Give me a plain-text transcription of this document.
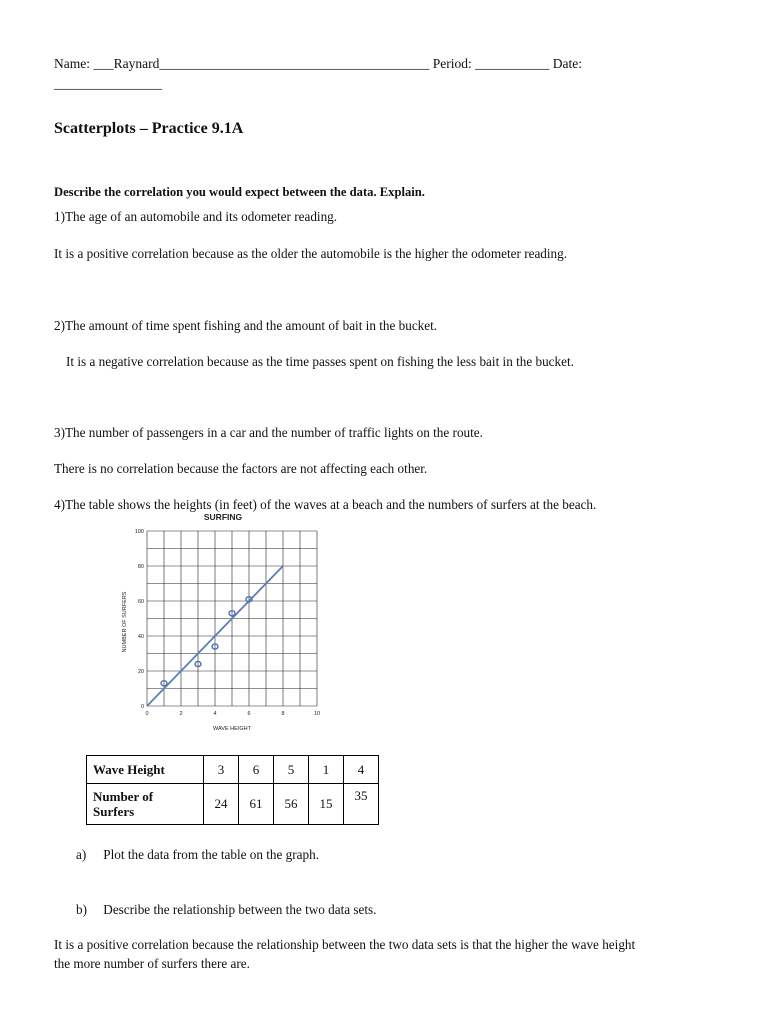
Name: ___Raynard________________________________________ Period: ___________ Date:
________________
Scatterplots – Practice 9.1A
Describe the correlation you would expect between the data. Explain.
1)The age of an automobile and its odometer reading.
It is a positive correlation because as the older the automobile is the higher the odometer reading.
2)The amount of time spent fishing and the amount of bait in the bucket.
It is a negative correlation because as the time passes spent on fishing the less bait in the bucket.
3)The number of passengers in a car and the number of traffic lights on the route.
There is no correlation because the factors are not affecting each other.
4)The table shows the heights (in feet) of the waves at a beach and the numbers of surfers at the beach.
SURFING
0	2	4	6	8	10
0
20
40
60
80
100
NUMBER OF SURFERS
WAVE HEIGHT
Wave Height	3	6	5	1	4
Number of
Surfers	24	61	56	15	35
a) Plot the data from the table on the graph.
b) Describe the relationship between the two data sets.
It is a positive correlation because the relationship between the two data sets is that the higher the wave height
the more number of surfers there are.
